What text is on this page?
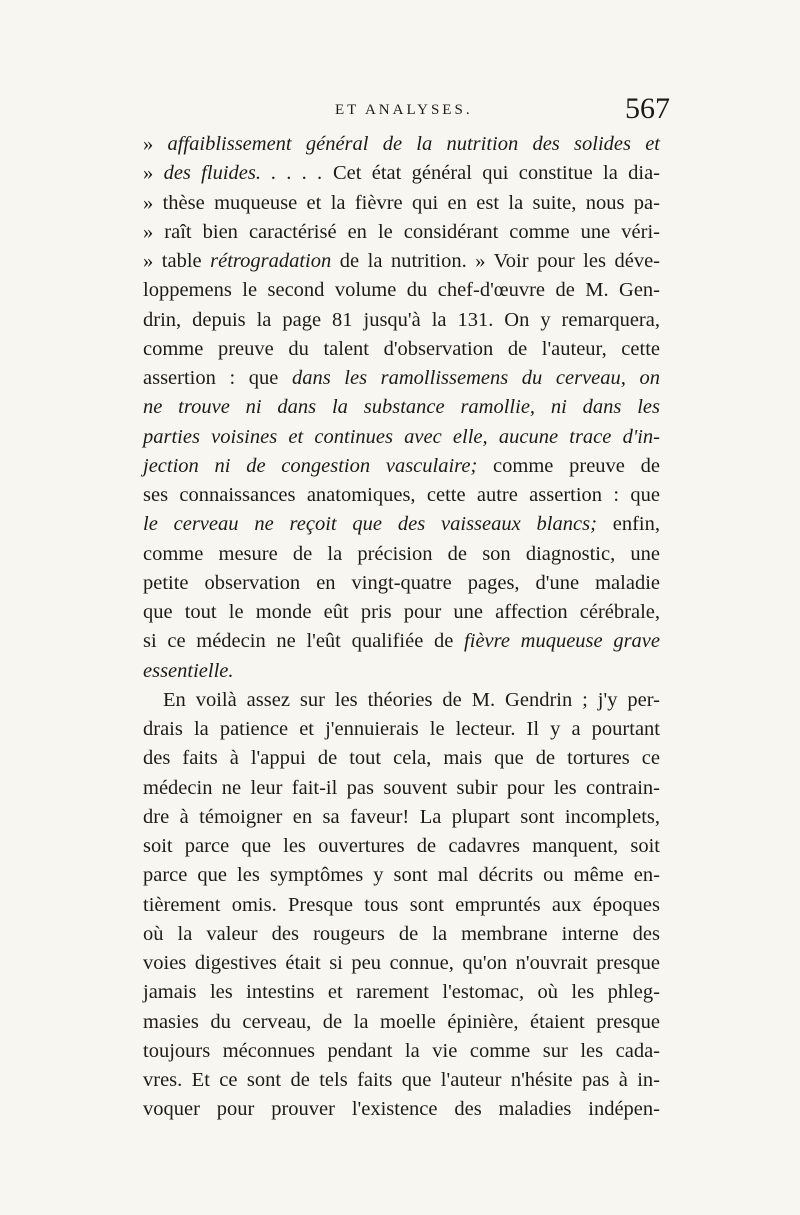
ET ANALYSES.	567
» affaiblissement général de la nutrition des solides et
» des fluides. . . . . Cet état général qui constitue la dia-
» thèse muqueuse et la fièvre qui en est la suite, nous pa-
» raît bien caractérisé en le considérant comme une véri-
» table rétrogradation de la nutrition. » Voir pour les déve-
loppemens le second volume du chef-d'œuvre de M. Gen-
drin, depuis la page 81 jusqu'à la 131. On y remarquera,
comme preuve du talent d'observation de l'auteur, cette
assertion : que dans les ramollissemens du cerveau, on
ne trouve ni dans la substance ramollie, ni dans les
parties voisines et continues avec elle, aucune trace d'in-
jection ni de congestion vasculaire; comme preuve de
ses connaissances anatomiques, cette autre assertion : que
le cerveau ne reçoit que des vaisseaux blancs; enfin,
comme mesure de la précision de son diagnostic, une
petite observation en vingt-quatre pages, d'une maladie
que tout le monde eût pris pour une affection cérébrale,
si ce médecin ne l'eût qualifiée de fièvre muqueuse grave
essentielle.
En voilà assez sur les théories de M. Gendrin ; j'y per-
drais la patience et j'ennuierais le lecteur. Il y a pourtant
des faits à l'appui de tout cela, mais que de tortures ce
médecin ne leur fait-il pas souvent subir pour les contrain-
dre à témoigner en sa faveur! La plupart sont incomplets,
soit parce que les ouvertures de cadavres manquent, soit
parce que les symptômes y sont mal décrits ou même en-
tièrement omis. Presque tous sont empruntés aux époques
où la valeur des rougeurs de la membrane interne des
voies digestives était si peu connue, qu'on n'ouvrait presque
jamais les intestins et rarement l'estomac, où les phleg-
masies du cerveau, de la moelle épinière, étaient presque
toujours méconnues pendant la vie comme sur les cada-
vres. Et ce sont de tels faits que l'auteur n'hésite pas à in-
voquer pour prouver l'existence des maladies indépen-
